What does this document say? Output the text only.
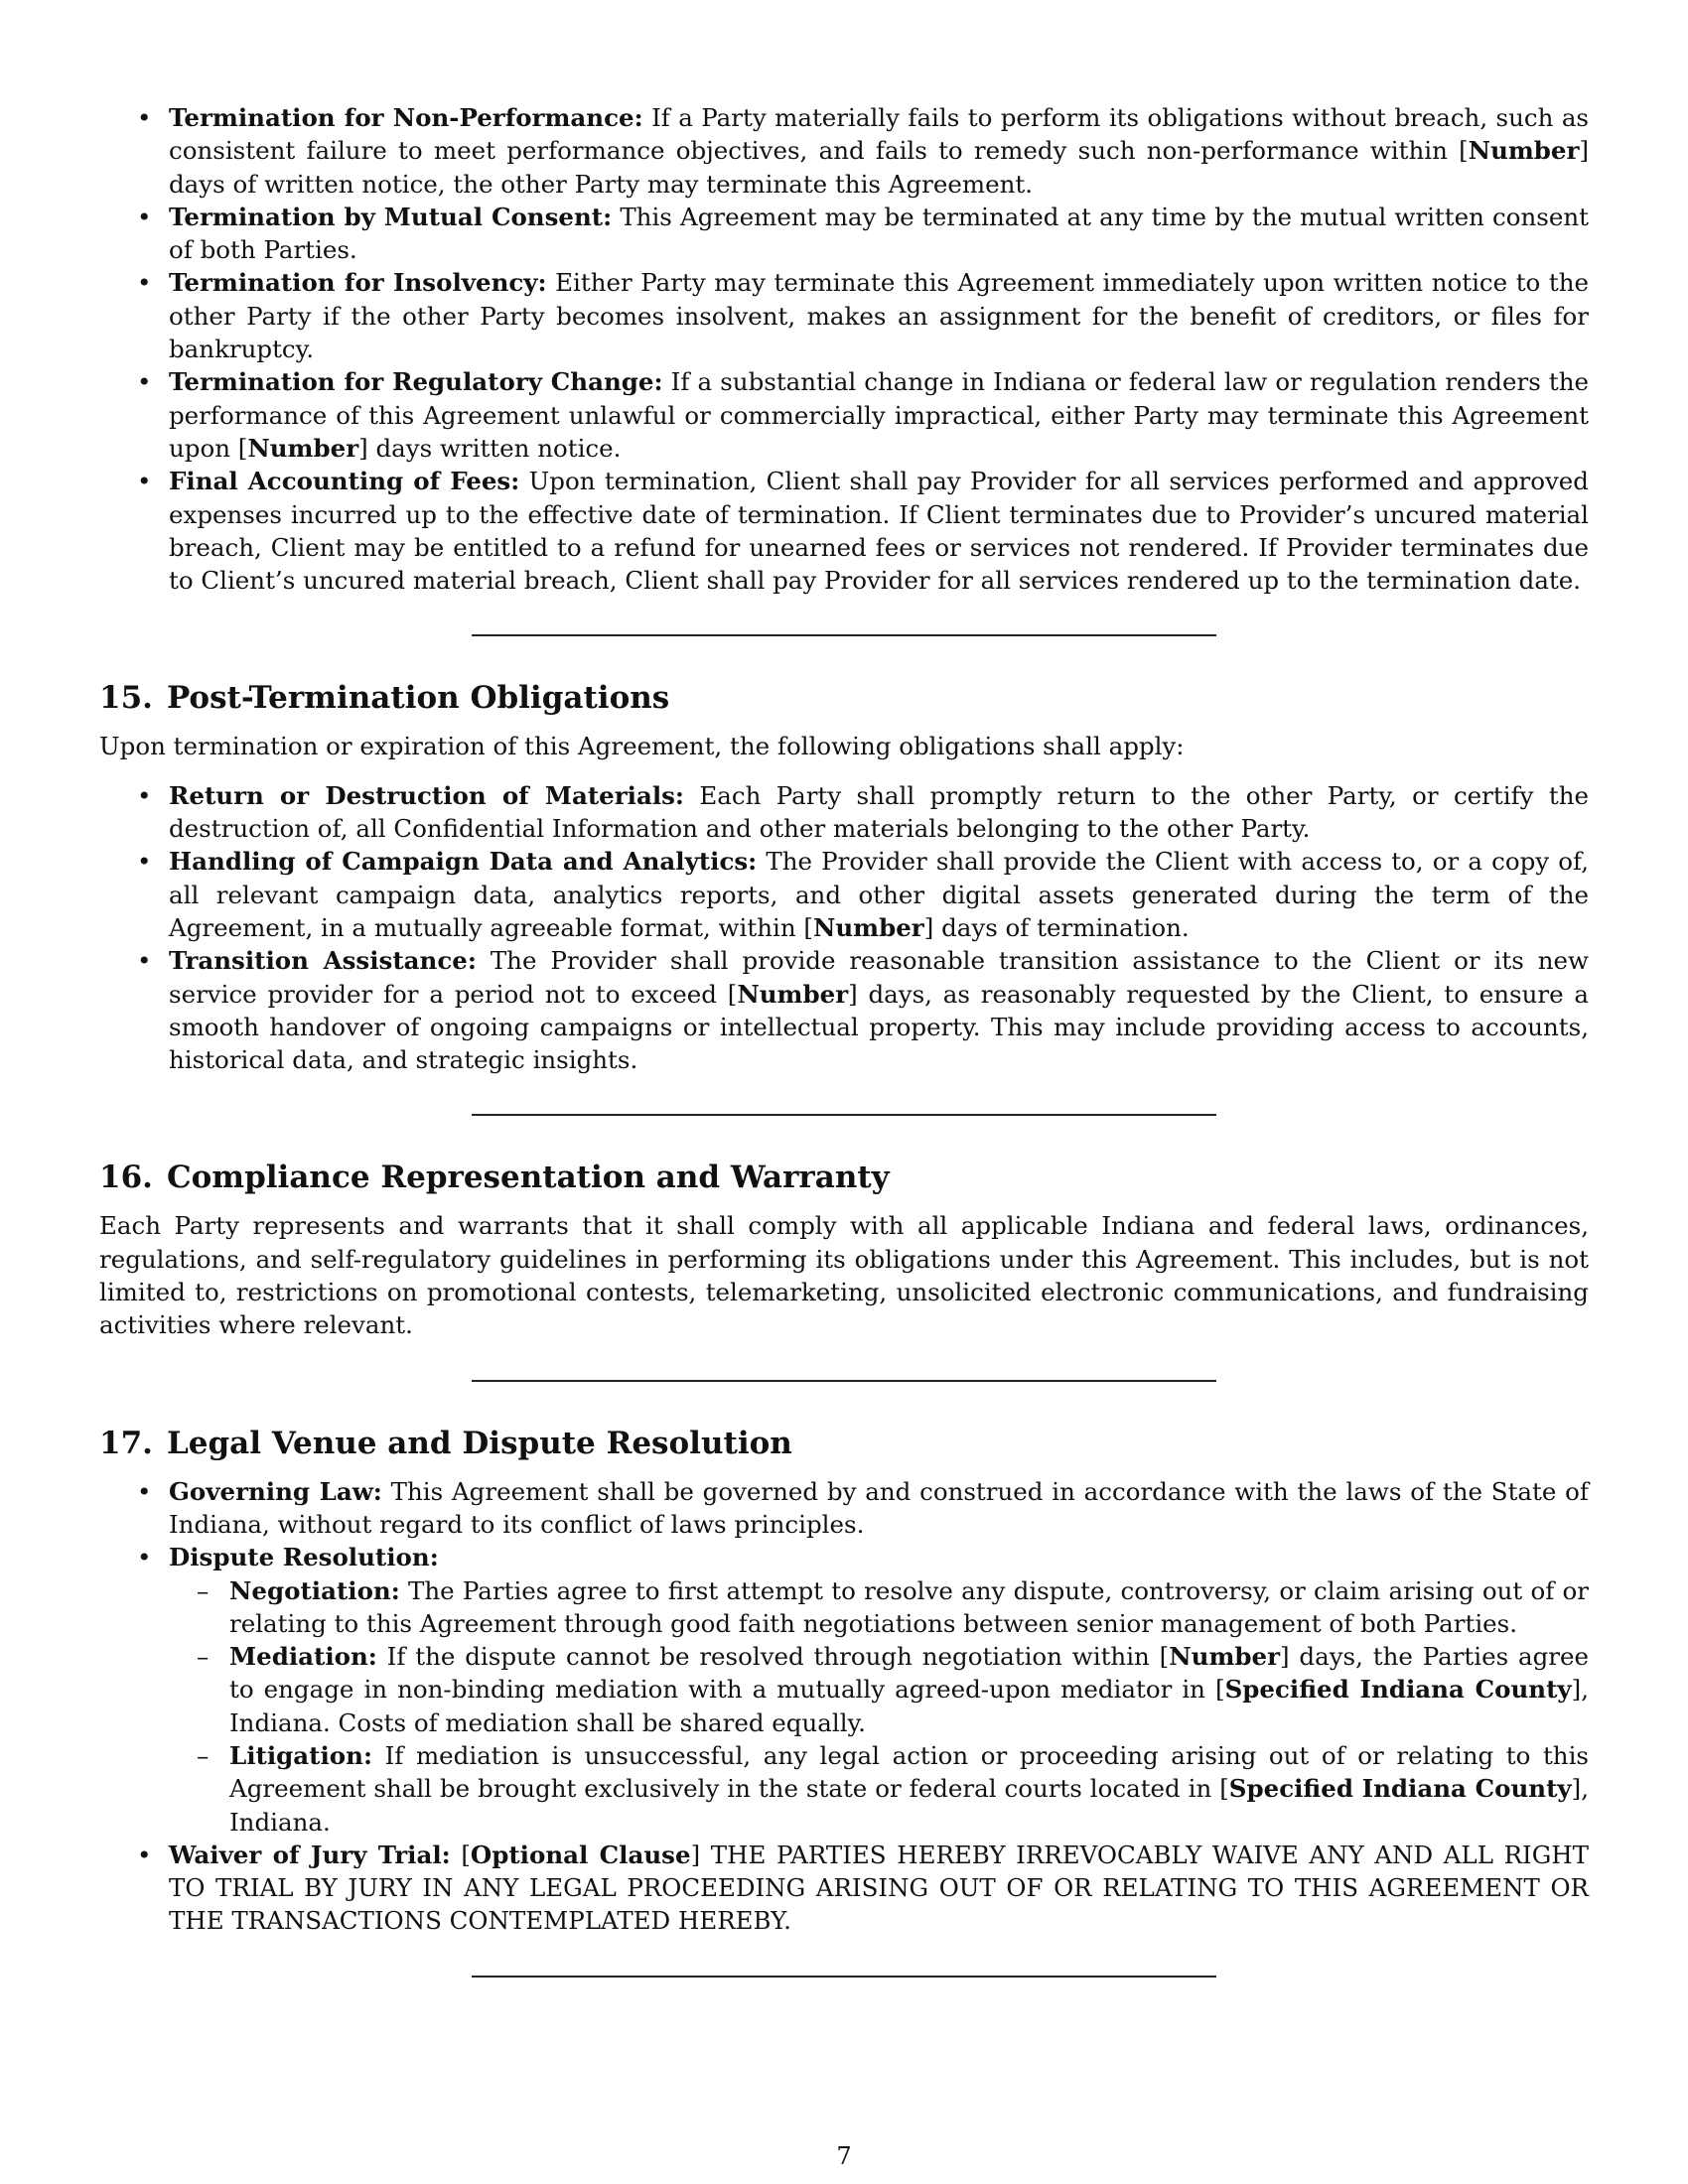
• Termination for Non-Performance: If a Party materially fails to perform its obligations without breach, such as consistent failure to meet performance objectives, and fails to remedy such non-performance within [Number] days of written notice, the other Party may terminate this Agreement.
• Termination by Mutual Consent: This Agreement may be terminated at any time by the mutual written consent of both Parties.
• Termination for Insolvency: Either Party may terminate this Agreement immediately upon written notice to the other Party if the other Party becomes insolvent, makes an assignment for the benefit of creditors, or files for bankruptcy.
• Termination for Regulatory Change: If a substantial change in Indiana or federal law or regulation renders the performance of this Agreement unlawful or commercially impractical, either Party may terminate this Agreement upon [Number] days written notice.
• Final Accounting of Fees: Upon termination, Client shall pay Provider for all services performed and approved expenses incurred up to the effective date of termination. If Client terminates due to Provider’s uncured material breach, Client may be entitled to a refund for unearned fees or services not rendered. If Provider terminates due to Client’s uncured material breach, Client shall pay Provider for all services rendered up to the termination date.
15. Post-Termination Obligations
Upon termination or expiration of this Agreement, the following obligations shall apply:
• Return or Destruction of Materials: Each Party shall promptly return to the other Party, or certify the destruction of, all Confidential Information and other materials belonging to the other Party.
• Handling of Campaign Data and Analytics: The Provider shall provide the Client with access to, or a copy of, all relevant campaign data, analytics reports, and other digital assets generated during the term of the Agreement, in a mutually agreeable format, within [Number] days of termination.
• Transition Assistance: The Provider shall provide reasonable transition assistance to the Client or its new service provider for a period not to exceed [Number] days, as reasonably requested by the Client, to ensure a smooth handover of ongoing campaigns or intellectual property. This may include providing access to accounts, historical data, and strategic insights.
16. Compliance Representation and Warranty
Each Party represents and warrants that it shall comply with all applicable Indiana and federal laws, ordinances, regulations, and self-regulatory guidelines in performing its obligations under this Agreement. This includes, but is not limited to, restrictions on promotional contests, telemarketing, unsolicited electronic communications, and fundraising activities where relevant.
17. Legal Venue and Dispute Resolution
• Governing Law: This Agreement shall be governed by and construed in accordance with the laws of the State of Indiana, without regard to its conflict of laws principles.
• Dispute Resolution:
– Negotiation: The Parties agree to first attempt to resolve any dispute, controversy, or claim arising out of or relating to this Agreement through good faith negotiations between senior management of both Parties.
– Mediation: If the dispute cannot be resolved through negotiation within [Number] days, the Parties agree to engage in non-binding mediation with a mutually agreed-upon mediator in [Specified Indiana County], Indiana. Costs of mediation shall be shared equally.
– Litigation: If mediation is unsuccessful, any legal action or proceeding arising out of or relating to this Agreement shall be brought exclusively in the state or federal courts located in [Specified Indiana County], Indiana.
• Waiver of Jury Trial: [Optional Clause] THE PARTIES HEREBY IRREVOCABLY WAIVE ANY AND ALL RIGHT TO TRIAL BY JURY IN ANY LEGAL PROCEEDING ARISING OUT OF OR RELATING TO THIS AGREEMENT OR THE TRANSACTIONS CONTEMPLATED HEREBY.
7
